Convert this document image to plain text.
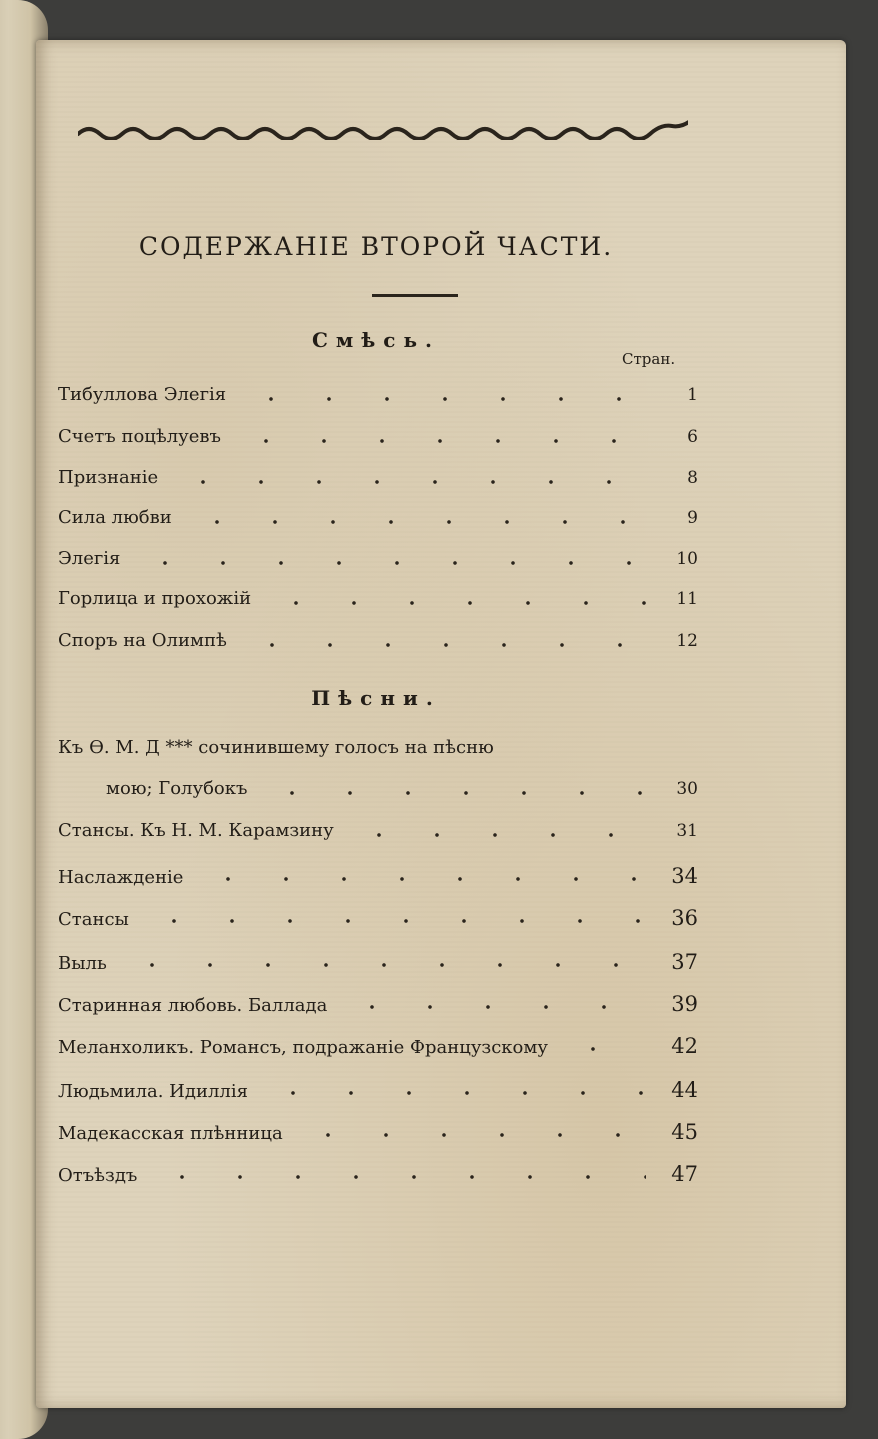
СОДЕРЖАНІЕ ВТОРОЙ ЧАСТИ.
Смѣсь.
Стран.
Тибуллова Элегія	1
Счетъ поцѣлуевъ	6
Признаніе	8
Сила любви	9
Элегія	10
Горлица и прохожій	11
Споръ на Олимпѣ	12
Пѣсни.
Къ Ѳ. М. Д *** сочинившему голосъ на пѣсню
мою; Голубокъ	30
Стансы. Къ Н. М. Карамзину	31
Наслажденіе	34
Стансы	36
Выль	37
Старинная любовь. Баллада	39
Меланхоликъ. Романсъ, подражаніе Французскому	42
Людьмила. Идиллія	44
Мадекасская плѣнница	45
Отъѣздъ	47
